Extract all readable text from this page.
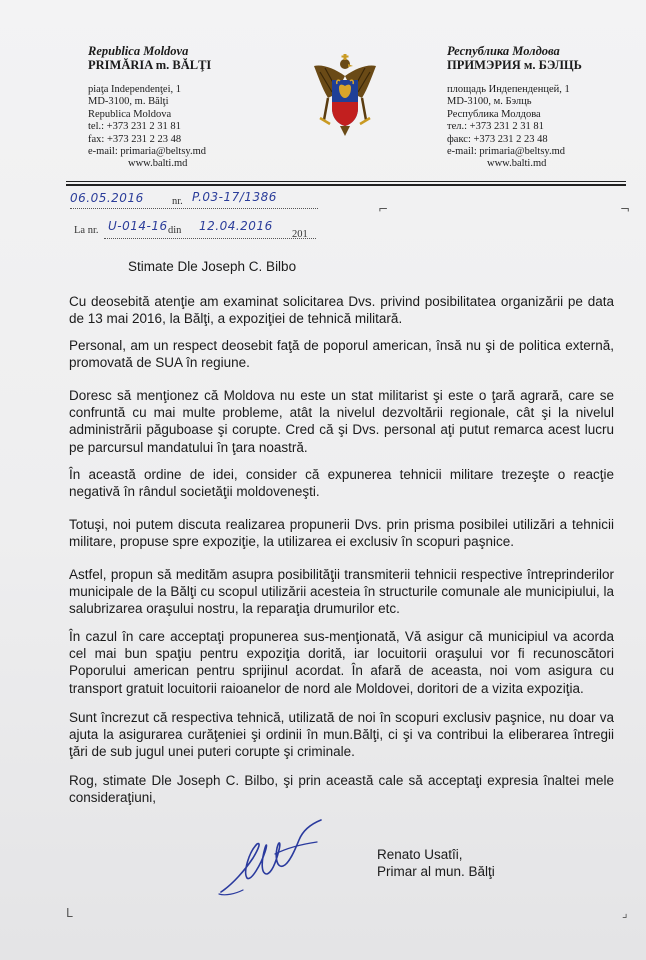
Republica Moldova
PRIMĂRIA m. BĂLŢI
piaţa Independenţei, 1
MD-3100, m. Bălţi
Republica Moldova
tel.: +373 231 2 31 81
fax: +373 231 2 23 48
e-mail: primaria@beltsy.md
www.balti.md
Республика Молдова
ПРИМЭРИЯ м. БЭЛЦЬ
площадь Индепенденцей, 1
MD-3100, м. Бэлць
Республика Молдова
тел.: +373 231 2 31 81
факс: +373 231 2 23 48
e-mail: primaria@beltsy.md
www.balti.md
06.05.2016	nr. P.03-17/1386
La nr. U-014-16 din 12.04.2016
201
⌐	¬
Stimate Dle Joseph C. Bilbo

Cu deosebită atenţie am examinat solicitarea Dvs. privind posibilitatea organizării pe data de 13 mai 2016, la Bălţi, a expoziţiei de tehnică militară.

Personal, am un respect deosebit faţă de poporul american, însă nu şi de politica externă, promovată de SUA în regiune.

Doresc să menţionez că Moldova nu este un stat militarist şi este o ţară agrară, care se confruntă cu mai multe probleme, atât la nivelul dezvoltării regionale, cât şi la nivelul administrării păguboase şi corupte. Cred că şi Dvs. personal aţi putut remarca acest lucru pe parcursul mandatului în ţara noastră.

În această ordine de idei, consider că expunerea tehnicii militare trezeşte o reacţie negativă în rândul societăţii moldoveneşti.

Totuşi, noi putem discuta realizarea propunerii Dvs. prin prisma posibilei utilizări a tehnicii militare, propuse spre expoziţie, la utilizarea ei exclusiv în scopuri paşnice.

Astfel, propun să medităm asupra posibilităţii transmiterii tehnicii respective întreprinderilor municipale de la Bălţi cu scopul utilizării acesteia în structurile comunale ale municipiului, la salubrizarea oraşului nostru, la reparaţia drumurilor etc.

În cazul în care acceptaţi propunerea sus-menţionată, Vă asigur că municipiul va acorda cel mai bun spaţiu pentru expoziţia dorită, iar locuitorii oraşului vor fi recunoscători Poporului american pentru sprijinul acordat. În afară de aceasta, noi vom asigura cu transport gratuit locuitorii raioanelor de nord ale Moldovei, doritori de a vizita expoziţia.

Sunt încrezut că respectiva tehnică, utilizată de noi în scopuri exclusiv paşnice, nu doar va ajuta la asigurarea curăţeniei şi ordinii în mun.Bălţi, ci şi va contribui la eliberarea întregii ţări de sub jugul unei puteri corupte şi criminale.

Rog, stimate Dle Joseph C. Bilbo, şi prin această cale să acceptaţi expresia înaltei mele consideraţiuni,

Renato Usatîi,
Primar al mun. Bălţi
L	⌟
